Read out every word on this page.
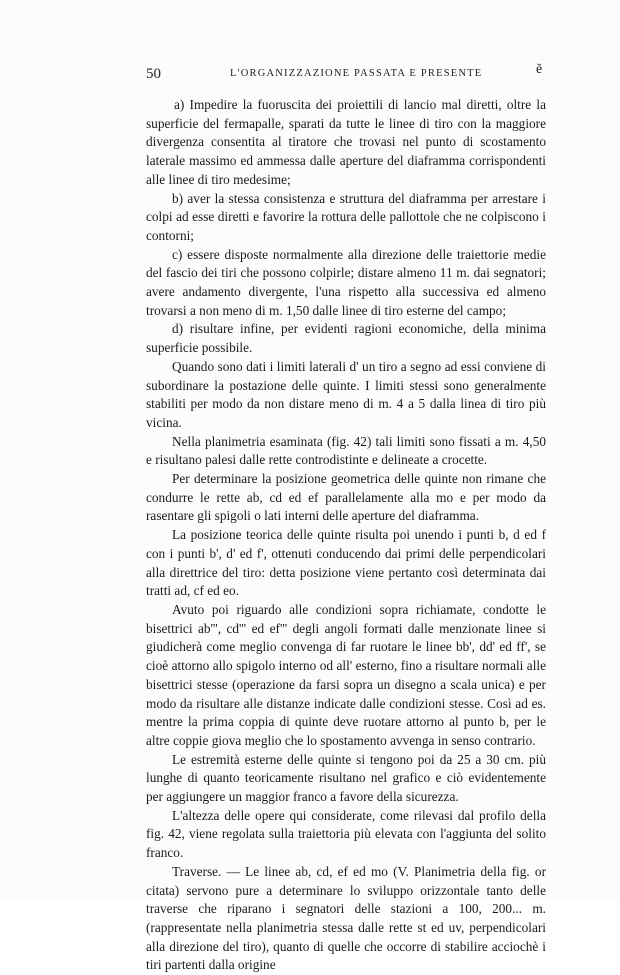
50	L'ORGANIZZAZIONE PASSATA E PRESENTE	ĕ

a) Impedire la fuoruscita dei proiettili di lancio mal diretti, oltre la superficie del fermapalle, sparati da tutte le linee di tiro con la maggiore divergenza consentita al tiratore che trovasi nel punto di scostamento laterale massimo ed ammessa dalle aperture del diaframma corrispondenti alle linee di tiro medesime;

b) aver la stessa consistenza e struttura del diaframma per arrestare i colpi ad esse diretti e favorire la rottura delle pallottole che ne colpiscono i contorni;

c) essere disposte normalmente alla direzione delle traiettorie medie del fascio dei tiri che possono colpirle; distare almeno 11 m. dai segnatori; avere andamento divergente, l'una rispetto alla successiva ed almeno trovarsi a non meno di m. 1,50 dalle linee di tiro esterne del campo;

d) risultare infine, per evidenti ragioni economiche, della minima superficie possibile.

Quando sono dati i limiti laterali d' un tiro a segno ad essi conviene di subordinare la postazione delle quinte. I limiti stessi sono generalmente stabiliti per modo da non distare meno di m. 4 a 5 dalla linea di tiro più vicina.

Nella planimetria esaminata (fig. 42) tali limiti sono fissati a m. 4,50 e risultano palesi dalle rette controdistinte e delineate a crocette.

Per determinare la posizione geometrica delle quinte non rimane che condurre le rette ab, cd ed ef parallelamente alla mo e per modo da rasentare gli spigoli o lati interni delle aperture del diaframma.

La posizione teorica delle quinte risulta poi unendo i punti b, d ed f con i punti b', d' ed f', ottenuti conducendo dai primi delle perpendicolari alla direttrice del tiro: detta posizione viene pertanto così determinata dai tratti ad, cf ed eo.

Avuto poi riguardo alle condizioni sopra richiamate, condotte le bisettrici ab''', cd''' ed ef''' degli angoli formati dalle menzionate linee si giudicherà come meglio convenga di far ruotare le linee bb', dd' ed ff', se cioè attorno allo spigolo interno od all' esterno, fino a risultare normali alle bisettrici stesse (operazione da farsi sopra un disegno a scala unica) e per modo da risultare alle distanze indicate dalle condizioni stesse. Così ad es. mentre la prima coppia di quinte deve ruotare attorno al punto b, per le altre coppie giova meglio che lo spostamento avvenga in senso contrario.

Le estremità esterne delle quinte si tengono poi da 25 a 30 cm. più lunghe di quanto teoricamente risultano nel grafico e ciò evidentemente per aggiungere un maggior franco a favore della sicurezza.

L'altezza delle opere qui considerate, come rilevasi dal profilo della fig. 42, viene regolata sulla traiettoria più elevata con l'aggiunta del solito franco.

Traverse. — Le linee ab, cd, ef ed mo (V. Planimetria della fig. or citata) servono pure a determinare lo sviluppo orizzontale tanto delle traverse che riparano i segnatori delle stazioni a 100, 200... m. (rappresentate nella planimetria stessa dalle rette st ed uv, perpendicolari alla direzione del tiro), quanto di quelle che occorre di stabilire acciochè i tiri partenti dalla origine
